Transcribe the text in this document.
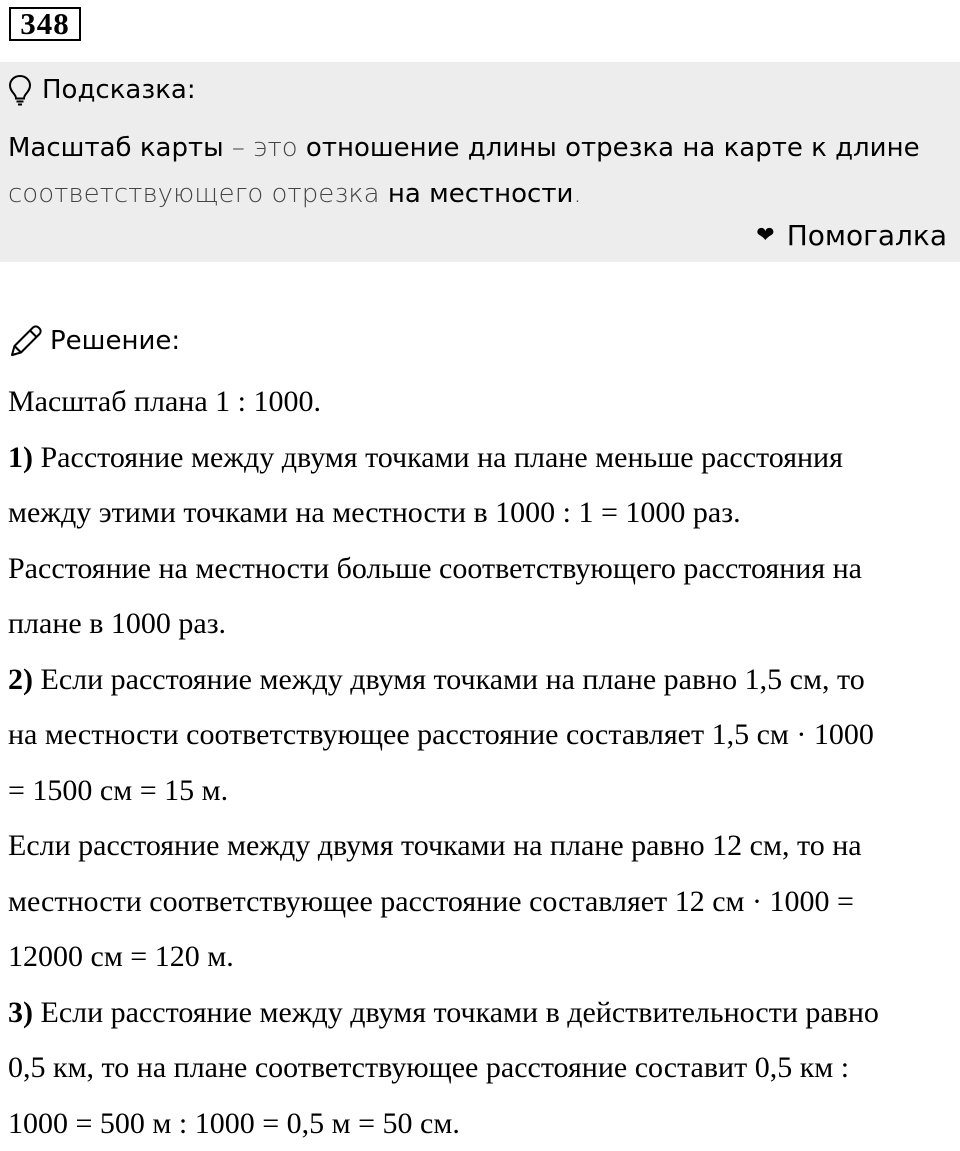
348
Подсказка:
Масштаб карты – это отношение длины отрезка на карте к длине
соответствующего отрезка на местности.
❤ Помогалка
Решение:
Масштаб плана 1 : 1000.
1) Расстояние между двумя точками на плане меньше расстояния
между этими точками на местности в 1000 : 1 = 1000 раз.
Расстояние на местности больше соответствующего расстояния на
плане в 1000 раз.
2) Если расстояние между двумя точками на плане равно 1,5 см, то
на местности соответствующее расстояние составляет 1,5 см · 1000
= 1500 см = 15 м.
Если расстояние между двумя точками на плане равно 12 см, то на
местности соответствующее расстояние составляет 12 см · 1000 =
12000 см = 120 м.
3) Если расстояние между двумя точками в действительности равно
0,5 км, то на плане соответствующее расстояние составит 0,5 км :
1000 = 500 м : 1000 = 0,5 м = 50 см.
